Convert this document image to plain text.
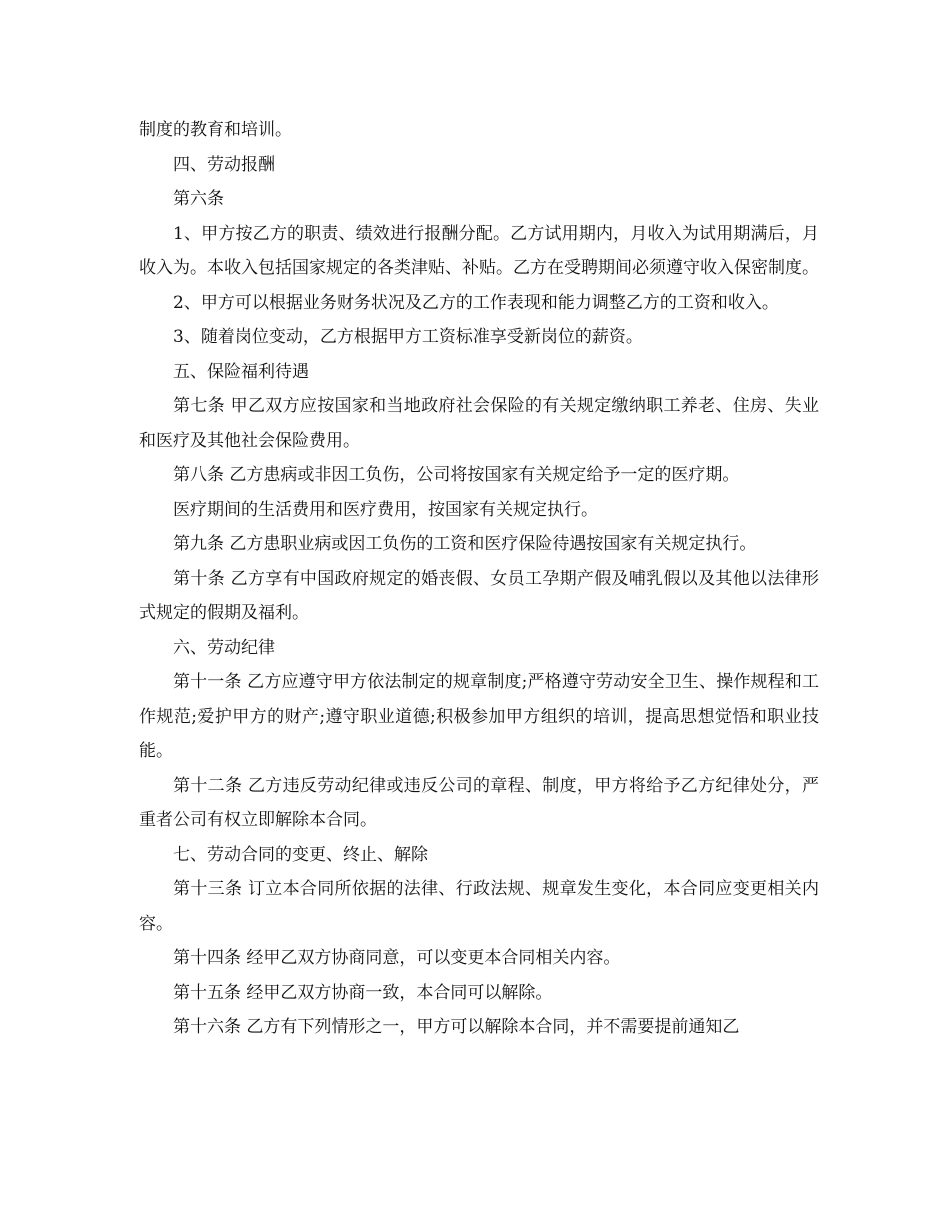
制度的教育和培训。

四、劳动报酬

第六条

1、甲方按乙方的职责、绩效进行报酬分配。乙方试用期内，月收入为试用期满后，月收入为。本收入包括国家规定的各类津贴、补贴。乙方在受聘期间必须遵守收入保密制度。

2、甲方可以根据业务财务状况及乙方的工作表现和能力调整乙方的工资和收入。

3、随着岗位变动，乙方根据甲方工资标准享受新岗位的薪资。

五、保险福利待遇

第七条 甲乙双方应按国家和当地政府社会保险的有关规定缴纳职工养老、住房、失业和医疗及其他社会保险费用。

第八条 乙方患病或非因工负伤，公司将按国家有关规定给予一定的医疗期。

医疗期间的生活费用和医疗费用，按国家有关规定执行。

第九条 乙方患职业病或因工负伤的工资和医疗保险待遇按国家有关规定执行。

第十条 乙方享有中国政府规定的婚丧假、女员工孕期产假及哺乳假以及其他以法律形式规定的假期及福利。

六、劳动纪律

第十一条 乙方应遵守甲方依法制定的规章制度;严格遵守劳动安全卫生、操作规程和工作规范;爱护甲方的财产;遵守职业道德;积极参加甲方组织的培训，提高思想觉悟和职业技能。

第十二条 乙方违反劳动纪律或违反公司的章程、制度，甲方将给予乙方纪律处分，严重者公司有权立即解除本合同。

七、劳动合同的变更、终止、解除

第十三条 订立本合同所依据的法律、行政法规、规章发生变化，本合同应变更相关内容。

第十四条 经甲乙双方协商同意，可以变更本合同相关内容。

第十五条 经甲乙双方协商一致，本合同可以解除。

第十六条 乙方有下列情形之一，甲方可以解除本合同，并不需要提前通知乙
